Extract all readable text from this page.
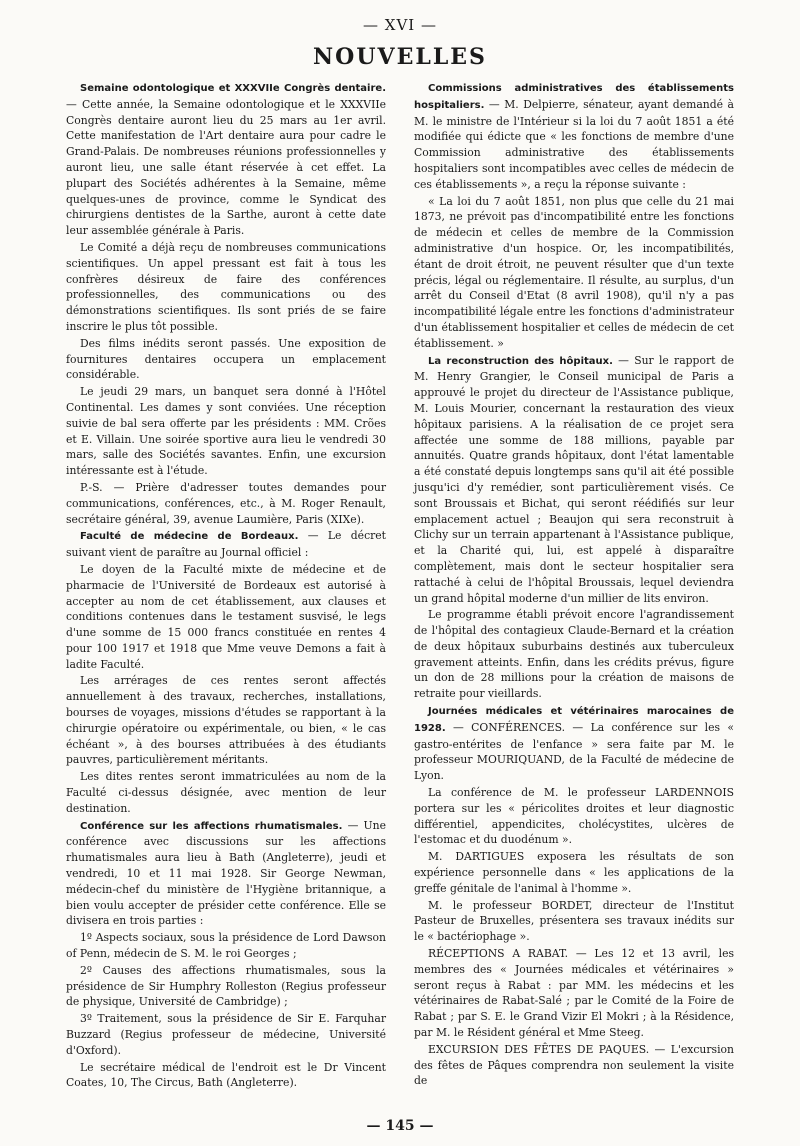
— XVI —
NOUVELLES

Semaine odontologique et XXXVIIe Congrès dentaire. — Cette année, la Semaine odontologique et le XXXVIIe Congrès dentaire auront lieu du 25 mars au 1er avril. Cette manifestation de l'Art dentaire aura pour cadre le Grand-Palais. De nombreuses réunions professionnelles y auront lieu, une salle étant réservée à cet effet. La plupart des Sociétés adhérentes à la Semaine, même quelques-unes de province, comme le Syndicat des chirurgiens dentistes de la Sarthe, auront à cette date leur assemblée générale à Paris.

Le Comité a déjà reçu de nombreuses communications scientifiques. Un appel pressant est fait à tous les confrères désireux de faire des conférences professionnelles, des communications ou des démonstrations scientifiques. Ils sont priés de se faire inscrire le plus tôt possible.

Des films inédits seront passés. Une exposition de fournitures dentaires occupera un emplacement considérable.

Le jeudi 29 mars, un banquet sera donné à l'Hôtel Continental. Les dames y sont conviées. Une réception suivie de bal sera offerte par les présidents : MM. Crões et E. Villain. Une soirée sportive aura lieu le vendredi 30 mars, salle des Sociétés savantes. Enfin, une excursion intéressante est à l'étude.

P.-S. — Prière d'adresser toutes demandes pour communications, conférences, etc., à M. Roger Renault, secrétaire général, 39, avenue Laumière, Paris (XIXe).

Faculté de médecine de Bordeaux. — Le décret suivant vient de paraître au Journal officiel :

Le doyen de la Faculté mixte de médecine et de pharmacie de l'Université de Bordeaux est autorisé à accepter au nom de cet établissement, aux clauses et conditions contenues dans le testament susvisé, le legs d'une somme de 15 000 francs constituée en rentes 4 pour 100 1917 et 1918 que Mme veuve Demons a fait à ladite Faculté.

Les arrérages de ces rentes seront affectés annuellement à des travaux, recherches, installations, bourses de voyages, missions d'études se rapportant à la chirurgie opératoire ou expérimentale, ou bien, « le cas échéant », à des bourses attribuées à des étudiants pauvres, particulièrement méritants.

Les dites rentes seront immatriculées au nom de la Faculté ci-dessus désignée, avec mention de leur destination.

Conférence sur les affections rhumatismales. — Une conférence avec discussions sur les affections rhumatismales aura lieu à Bath (Angleterre), jeudi et vendredi, 10 et 11 mai 1928. Sir George Newman, médecin-chef du ministère de l'Hygiène britannique, a bien voulu accepter de présider cette conférence. Elle se divisera en trois parties :

1º Aspects sociaux, sous la présidence de Lord Dawson of Penn, médecin de S. M. le roi Georges ;

2º Causes des affections rhumatismales, sous la présidence de Sir Humphry Rolleston (Regius professeur de physique, Université de Cambridge) ;

3º Traitement, sous la présidence de Sir E. Farquhar Buzzard (Regius professeur de médecine, Université d'Oxford).

Le secrétaire médical de l'endroit est le Dr Vincent Coates, 10, The Circus, Bath (Angleterre).

Commissions administratives des établissements hospitaliers. — M. Delpierre, sénateur, ayant demandé à M. le ministre de l'Intérieur si la loi du 7 août 1851 a été modifiée qui édicte que « les fonctions de membre d'une Commission administrative des établissements hospitaliers sont incompatibles avec celles de médecin de ces établissements », a reçu la réponse suivante :

« La loi du 7 août 1851, non plus que celle du 21 mai 1873, ne prévoit pas d'incompatibilité entre les fonctions de médecin et celles de membre de la Commission administrative d'un hospice. Or, les incompatibilités, étant de droit étroit, ne peuvent résulter que d'un texte précis, légal ou réglementaire. Il résulte, au surplus, d'un arrêt du Conseil d'Etat (8 avril 1908), qu'il n'y a pas incompatibilité légale entre les fonctions d'administrateur d'un établissement hospitalier et celles de médecin de cet établissement. »

La reconstruction des hôpitaux. — Sur le rapport de M. Henry Grangier, le Conseil municipal de Paris a approuvé le projet du directeur de l'Assistance publique, M. Louis Mourier, concernant la restauration des vieux hôpitaux parisiens. A la réalisation de ce projet sera affectée une somme de 188 millions, payable par annuités. Quatre grands hôpitaux, dont l'état lamentable a été constaté depuis longtemps sans qu'il ait été possible jusqu'ici d'y remédier, sont particulièrement visés. Ce sont Broussais et Bichat, qui seront réédifiés sur leur emplacement actuel ; Beaujon qui sera reconstruit à Clichy sur un terrain appartenant à l'Assistance publique, et la Charité qui, lui, est appelé à disparaître complètement, mais dont le secteur hospitalier sera rattaché à celui de l'hôpital Broussais, lequel deviendra un grand hôpital moderne d'un millier de lits environ.

Le programme établi prévoit encore l'agrandissement de l'hôpital des contagieux Claude-Bernard et la création de deux hôpitaux suburbains destinés aux tuberculeux gravement atteints. Enfin, dans les crédits prévus, figure un don de 28 millions pour la création de maisons de retraite pour vieillards.

Journées médicales et vétérinaires marocaines de 1928. — CONFÉRENCES. — La conférence sur les « gastro-entérites de l'enfance » sera faite par M. le professeur MOURIQUAND, de la Faculté de médecine de Lyon.

La conférence de M. le professeur LARDENNOIS portera sur les « péricolites droites et leur diagnostic différentiel, appendicites, cholécystites, ulcères de l'estomac et du duodénum ».

M. DARTIGUES exposera les résultats de son expérience personnelle dans « les applications de la greffe génitale de l'animal à l'homme ».

M. le professeur BORDET, directeur de l'Institut Pasteur de Bruxelles, présentera ses travaux inédits sur le « bactériophage ».

RÉCEPTIONS A RABAT. — Les 12 et 13 avril, les membres des « Journées médicales et vétérinaires » seront reçus à Rabat : par MM. les médecins et les vétérinaires de Rabat-Salé ; par le Comité de la Foire de Rabat ; par S. E. le Grand Vizir El Mokri ; à la Résidence, par M. le Résident général et Mme Steeg.

EXCURSION DES FÊTES DE PAQUES. — L'excursion des fêtes de Pâques comprendra non seulement la visite de

— 145 —
